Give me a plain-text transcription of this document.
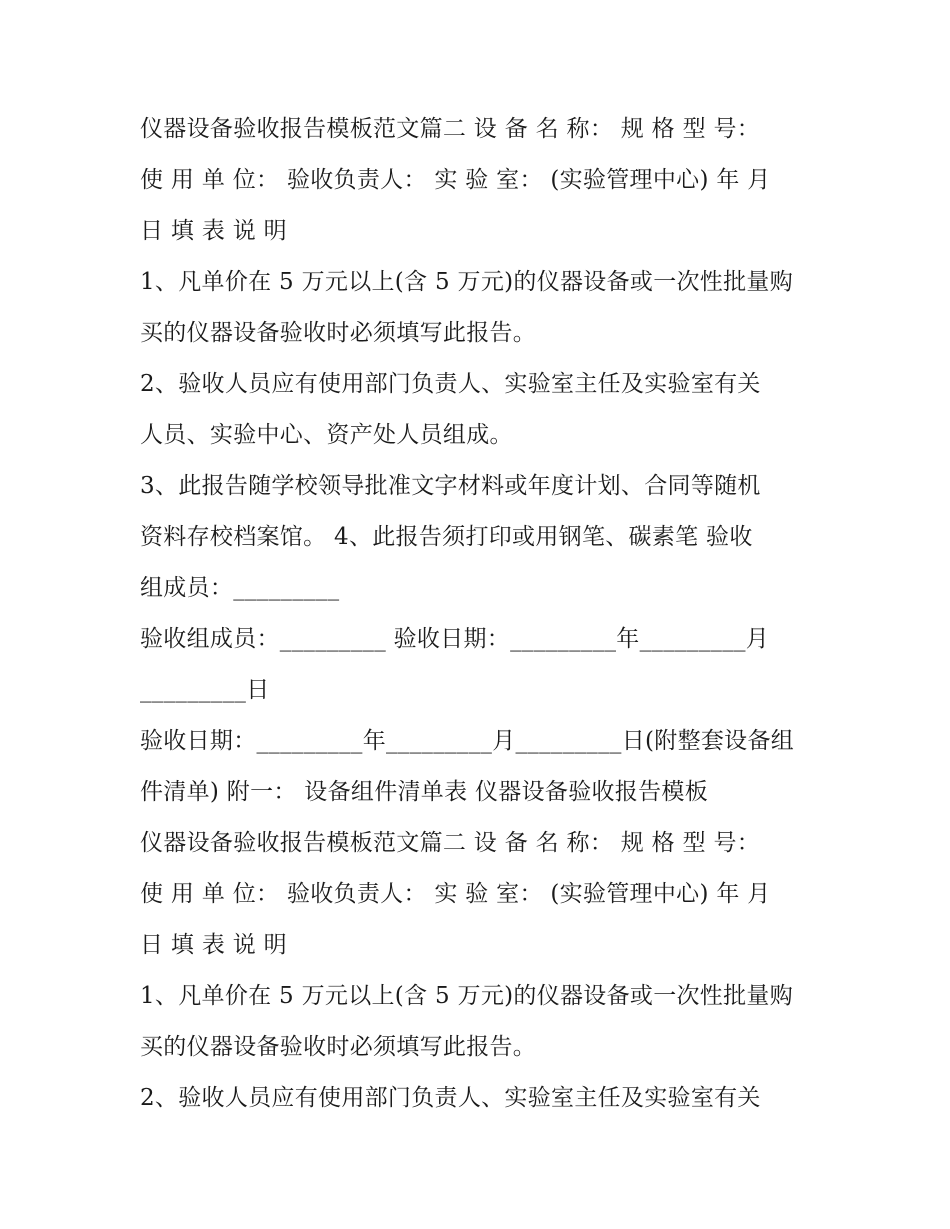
仪器设备验收报告模板范文篇二 设 备 名 称： 规 格 型 号：
使 用 单 位： 验收负责人： 实 验 室： (实验管理中心) 年 月
日 填 表 说 明
1、凡单价在 5 万元以上(含 5 万元)的仪器设备或一次性批量购
买的仪器设备验收时必须填写此报告。
2、验收人员应有使用部门负责人、实验室主任及实验室有关
人员、实验中心、资产处人员组成。
3、此报告随学校领导批准文字材料或年度计划、合同等随机
资料存校档案馆。 4、此报告须打印或用钢笔、碳素笔 验收
组成员：_________
验收组成员：_________ 验收日期：_________年_________月
_________日
验收日期：_________年_________月_________日(附整套设备组
件清单) 附一： 设备组件清单表 仪器设备验收报告模板
仪器设备验收报告模板范文篇二 设 备 名 称： 规 格 型 号：
使 用 单 位： 验收负责人： 实 验 室： (实验管理中心) 年 月
日 填 表 说 明
1、凡单价在 5 万元以上(含 5 万元)的仪器设备或一次性批量购
买的仪器设备验收时必须填写此报告。
2、验收人员应有使用部门负责人、实验室主任及实验室有关
